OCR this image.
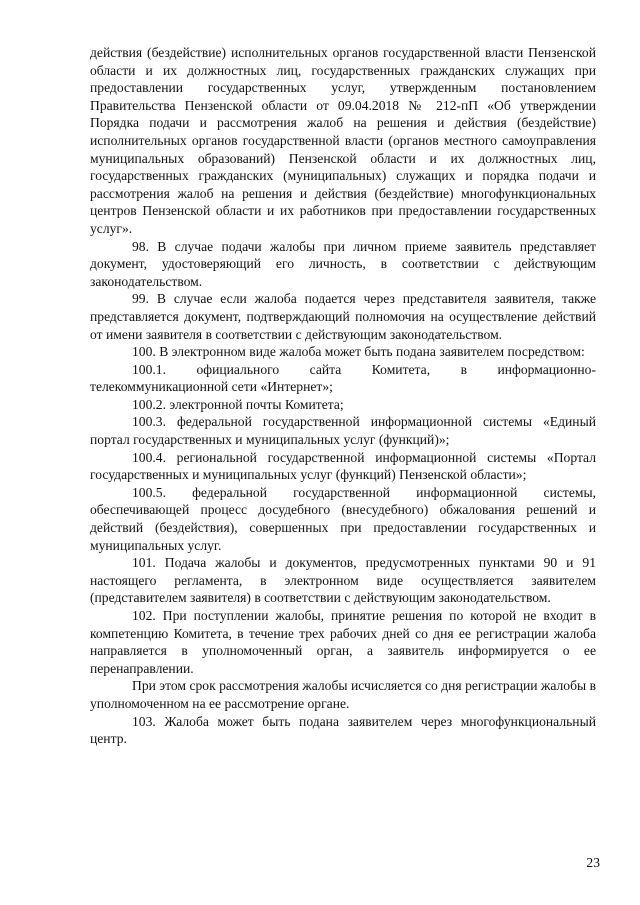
действия (бездействие) исполнительных органов государственной власти Пензенской области и их должностных лиц, государственных гражданских служащих при предоставлении государственных услуг, утвержденным постановлением Правительства Пензенской области от 09.04.2018 № 212-пП «Об утверждении Порядка подачи и рассмотрения жалоб на решения и действия (бездействие) исполнительных органов государственной власти (органов местного самоуправления муниципальных образований) Пензенской области и их должностных лиц, государственных гражданских (муниципальных) служащих и порядка подачи и рассмотрения жалоб на решения и действия (бездействие) многофункциональных центров Пензенской области и их работников при предоставлении государственных услуг».

98. В случае подачи жалобы при личном приеме заявитель представляет документ, удостоверяющий его личность, в соответствии с действующим законодательством.

99. В случае если жалоба подается через представителя заявителя, также представляется документ, подтверждающий полномочия на осуществление действий от имени заявителя в соответствии с действующим законодательством.

100. В электронном виде жалоба может быть подана заявителем посредством:

100.1. официального сайта Комитета, в информационно-телекоммуникационной сети «Интернет»;

100.2. электронной почты Комитета;

100.3. федеральной государственной информационной системы «Единый портал государственных и муниципальных услуг (функций)»;

100.4. региональной государственной информационной системы «Портал государственных и муниципальных услуг (функций) Пензенской области»;

100.5. федеральной государственной информационной системы, обеспечивающей процесс досудебного (внесудебного) обжалования решений и действий (бездействия), совершенных при предоставлении государственных и муниципальных услуг.

101. Подача жалобы и документов, предусмотренных пунктами 90 и 91 настоящего регламента, в электронном виде осуществляется заявителем (представителем заявителя) в соответствии с действующим законодательством.

102. При поступлении жалобы, принятие решения по которой не входит в компетенцию Комитета, в течение трех рабочих дней со дня ее регистрации жалоба направляется в уполномоченный орган, а заявитель информируется о ее перенаправлении.

При этом срок рассмотрения жалобы исчисляется со дня регистрации жалобы в уполномоченном на ее рассмотрение органе.

103. Жалоба может быть подана заявителем через многофункциональный центр.

23
